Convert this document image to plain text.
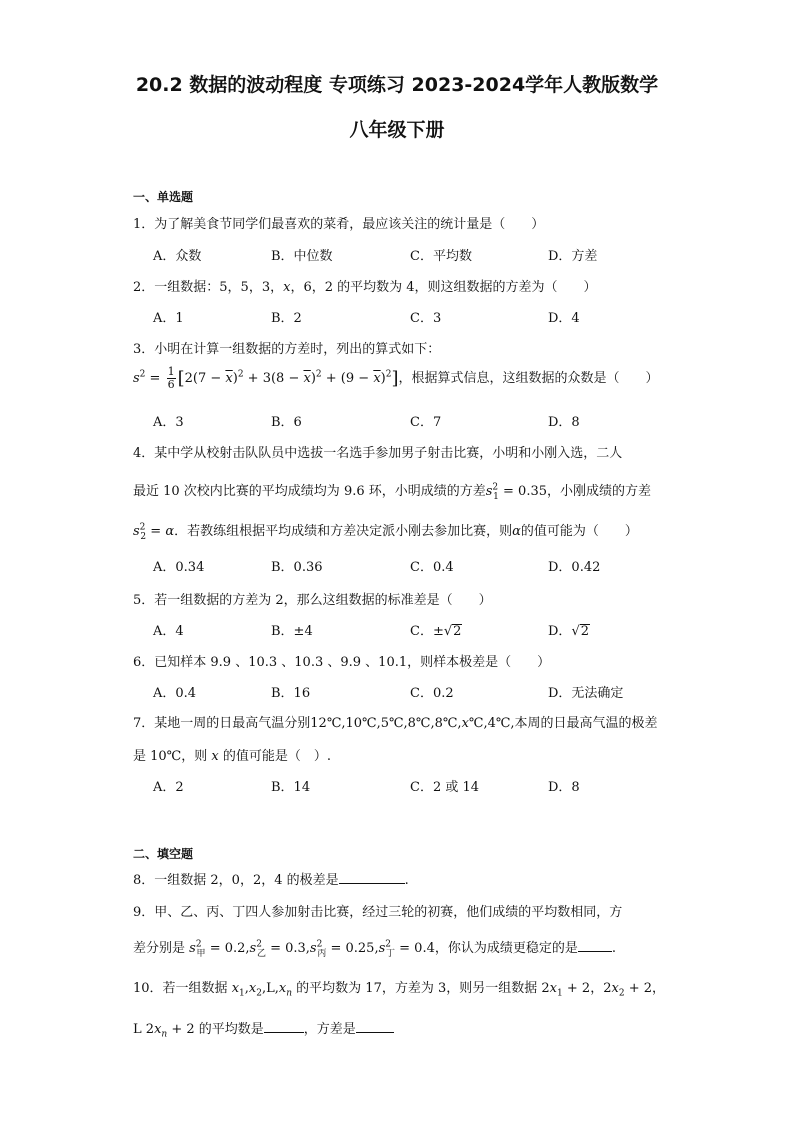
20.2 数据的波动程度 专项练习 2023-2024学年人教版数学
八年级下册
一、单选题
1．为了解美食节同学们最喜欢的菜肴，最应该关注的统计量是（　　）
A．众数	B．中位数	C．平均数	D．方差
2．一组数据：5，5，3，x，6，2 的平均数为 4，则这组数据的方差为（　　）
A．1	B．2	C．3	D．4
3．小明在计算一组数据的方差时，列出的算式如下：
$s^2 = \frac{1}{6} [2(7 - \overline{x})^2 + 3(8 - \overline{x})^2 + (9 - \overline{x})^2]$，根据算式信息，这组数据的众数是（　　）
A．3	B．6	C．7	D．8
4．某中学从校射击队队员中选拔一名选手参加男子射击比赛，小明和小刚入选，二人
最近 10 次校内比赛的平均成绩均为 9.6 环，小明成绩的方差$s^2_1 = 0.35$，小刚成绩的方差
$s^2_2 = \alpha$．若教练组根据平均成绩和方差决定派小刚去参加比赛，则α的值可能为（　　）
A．0.34	B．0.36	C．0.4	D．0.42
5．若一组数据的方差为 2，那么这组数据的标准差是（　　）
A．4	B．±4	C．±√2	D．√2
6．已知样本 9.9 、10.3 、10.3 、9.9 、10.1，则样本极差是（　　）
A．0.4	B．16	C．0.2	D．无法确定
7．某地一周的日最高气温分别12℃,10℃,5℃,8℃,8℃,x℃,4℃,本周的日最高气温的极差
是 10℃，则 x 的值可能是（　）.
A．2	B．14	C．2 或 14	D．8
二、填空题
8．一组数据 2，0，2，4 的极差是	.
9．甲、乙、丙、丁四人参加射击比赛，经过三轮的初赛，他们成绩的平均数相同，方
差分别是 $s^2_甲 = 0.2,s^2_乙 = 0.3,s^2_丙 = 0.25,s^2_丁 = 0.4$，你认为成绩更稳定的是	.
10．若一组数据 $x_1,x_2,L,x_n$ 的平均数为 17，方差为 3，则另一组数据 $2x_1 + 2$，$2x_2 + 2$，
L $2x_n + 2$ 的平均数是	，方差是
